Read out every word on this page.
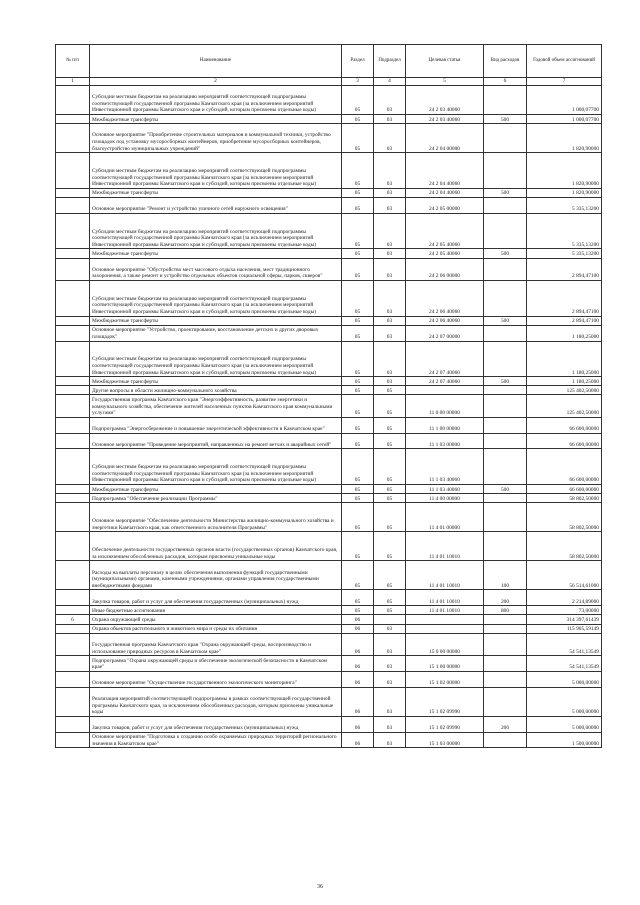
№ п/п	Наименование	Раздел	Подраздел	Целевая статья	Вид расходов	Годовой объем ассигнований
1	2	3	4	5	6	7
	Субсидии местным бюджетам на реализацию мероприятий соответствующей подпрограммы соответствующей государственной программы Камчатского края (за исключением мероприятий Инвестиционной программы Камчатского края и субсидий, которым присвоены отдельные коды)	05	03	24 2 03 40060		1 000,07700
	Межбюджетные трансферты	05	03	24 2 03 40060	500	1 000,07700
	Основное мероприятие "Приобретение строительных материалов и коммунальной техники, устройство площадок под установку мусоросборных контейнеров, приобретение мусоросборных контейнеров, благоустройство муниципальных учреждений"	05	03	24 2 04 00000		1 820,90000
	Субсидии местным бюджетам на реализацию мероприятий соответствующей подпрограммы соответствующей государственной программы Камчатского края (за исключением мероприятий Инвестиционной программы Камчатского края и субсидий, которым присвоены отдельные коды)	05	03	24 2 04 40060		1 820,90000
	Межбюджетные трансферты	05	03	24 2 04 40060	500	1 820,90000
	Основное мероприятие "Ремонт и устройство уличного сетей наружного освещения"	05	03	24 2 05 00000		5 335,13200
	Субсидии местным бюджетам на реализацию мероприятий соответствующей подпрограммы соответствующей государственной программы Камчатского края (за исключением мероприятий Инвестиционной программы Камчатского края и субсидий, которым присвоены отдельные коды)	05	03	24 2 05 40060		5 335,13200
	Межбюджетные трансферты	05	03	24 2 05 40060	500	5 335,13200
	Основное мероприятие "Обустройство мест массового отдыха населения, мест традиционного захоронения, а также ремонт и устройство отдельных объектов социальной сферы, парков, скверов"	05	03	24 2 06 00000		2 894,47100
	Субсидии местным бюджетам на реализацию мероприятий соответствующей подпрограммы соответствующей государственной программы Камчатского края (за исключением мероприятий Инвестиционной программы Камчатского края и субсидий, которым присвоены отдельные коды)	05	03	24 2 06 40060		2 894,47100
	Межбюджетные трансферты	05	03	24 2 06 40060	500	2 894,47100
	Основное мероприятие "Устройство, проектирование, восстановление детских и других дворовых площадок"	05	03	24 2 07 00000		1 180,25000
	Субсидии местным бюджетам на реализацию мероприятий соответствующей подпрограммы соответствующей государственной программы Камчатского края (за исключением мероприятий Инвестиционной программы Камчатского края и субсидий, которым присвоены отдельные коды)	05	03	24 2 07 40060		1 180,25000
	Межбюджетные трансферты	05	03	24 2 07 40060	500	1 180,25000
	Другие вопросы в области жилищно-коммунального хозяйства	05	05			125 402,50000
	Государственная программа Камчатского края "Энергоэффективность, развитие энергетики и коммунального хозяйства, обеспечение жителей населенных пунктов Камчатского края коммунальными услугами"	05	05	11 0 00 00000		125 402,50000
	Подпрограмма "Энергосбережение и повышение энергетической эффективности в Камчатском крае"	05	05	11 1 00 00000		66 600,00000
	Основное мероприятие "Проведение мероприятий, направленных на ремонт ветхих и аварийных сетей"	05	05	11 1 03 00000		66 600,00000
	Субсидии местным бюджетам на реализацию мероприятий соответствующей подпрограммы соответствующей государственной программы Камчатского края (за исключением мероприятий Инвестиционной программы Камчатского края и субсидий, которым присвоены отдельные коды)	05	05	11 1 03 40060		66 600,00000
	Межбюджетные трансферты	05	05	11 1 03 40060	500	66 600,00000
	Подпрограмма "Обеспечение реализации Программы"	05	05	11 4 00 00000		58 802,50000
	Основное мероприятие "Обеспечение деятельности Министерства жилищно-коммунального хозяйства и энергетики Камчатского края, как ответственного исполнителя Программы"	05	05	11 4 01 00000		58 802,50000
	Обеспечение деятельности государственных органов власти (государственных органов) Камчатского края, за исключением обособленных расходов, которым присвоены уникальные коды	05	05	11 4 01 10010		58 802,50000
	Расходы на выплаты персоналу в целях обеспечения выполнения функций государственными (муниципальными) органами, казенными учреждениями, органами управления государственными внебюджетными фондами	05	05	11 4 01 10010	100	56 514,61000
	Закупка товаров, работ и услуг для обеспечения государственных (муниципальных) нужд	05	05	11 4 01 10010	200	2 214,89000
	Иные бюджетные ассигнования	05	05	11 4 01 10010	800	73,00000
6	Охрана окружающей среды	06				314 397,61439
	Охрана объектов растительного и животного мира и среды их обитания	06	03			115 905,59149
	Государственная программа Камчатского края "Охрана окружающей среды, воспроизводство и использование природных ресурсов в Камчатском крае"	06	03	15 0 00 00000		54 541,13549
	Подпрограмма "Охрана окружающей среды и обеспечение экологической безопасности в Камчатском крае"	06	03	15 1 00 00000		54 541,13549
	Основное мероприятие "Осуществление государственного экологического мониторинга"	06	03	15 1 02 00000		5 000,00000
	Реализация мероприятий соответствующей подпрограммы в рамках соответствующей государственной программы Камчатского края, за исключением обособленных расходов, которым присвоены уникальные коды	06	03	15 1 02 09990		5 000,00000
	Закупка товаров, работ и услуг для обеспечения государственных (муниципальных) нужд	06	03	15 1 02 09990	200	5 000,00000
	Основное мероприятие "Подготовка к созданию особо охраняемых природных территорий регионального значения в Камчатском крае"	06	03	15 1 03 00000		1 500,00000
36
